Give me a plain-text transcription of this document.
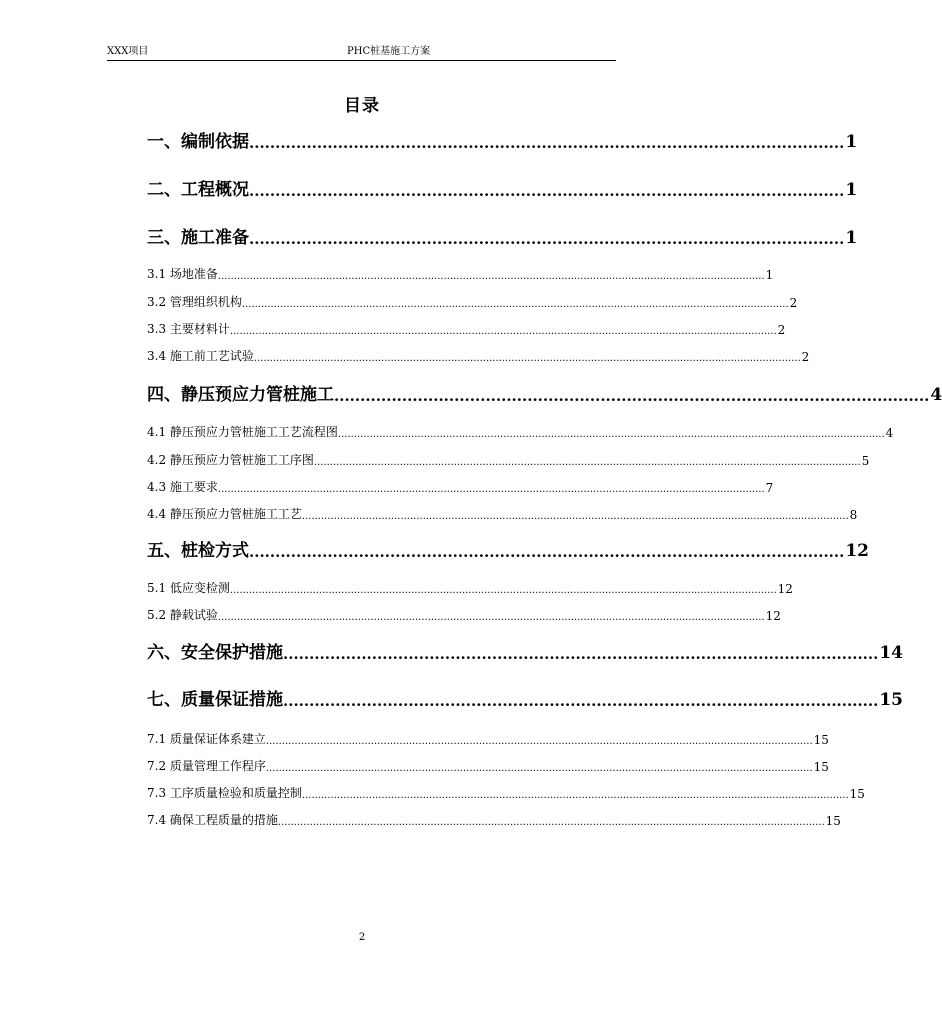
XXX项目	PHC桩基施工方案
目录
一、编制依据 .................................................................................................................. 1
二、工程概况 .................................................................................................................. 1
三、施工准备 .................................................................................................................. 1
3.1 场地准备 ............................................................................................................................................................................ 1
3.2 管理组织机构 ............................................................................................................................................................................ 2
3.3 主要材料计 ............................................................................................................................................................................ 2
3.4 施工前工艺试验 ............................................................................................................................................................................ 2
四、静压预应力管桩施工 .................................................................................................................. 4
4.1 静压预应力管桩施工工艺流程图 ............................................................................................................................................................................ 4
4.2 静压预应力管桩施工工序图 ............................................................................................................................................................................ 5
4.3 施工要求 ............................................................................................................................................................................ 7
4.4 静压预应力管桩施工工艺 ............................................................................................................................................................................ 8
五、桩检方式 .................................................................................................................. 12
5.1 低应变检测 ............................................................................................................................................................................ 12
5.2 静载试验 ............................................................................................................................................................................ 12
六、安全保护措施 .................................................................................................................. 14
七、质量保证措施 .................................................................................................................. 15
7.1 质量保证体系建立 ............................................................................................................................................................................ 15
7.2 质量管理工作程序 ............................................................................................................................................................................ 15
7.3 工序质量检验和质量控制 ............................................................................................................................................................................ 15
7.4 确保工程质量的措施 ............................................................................................................................................................................ 15
2
